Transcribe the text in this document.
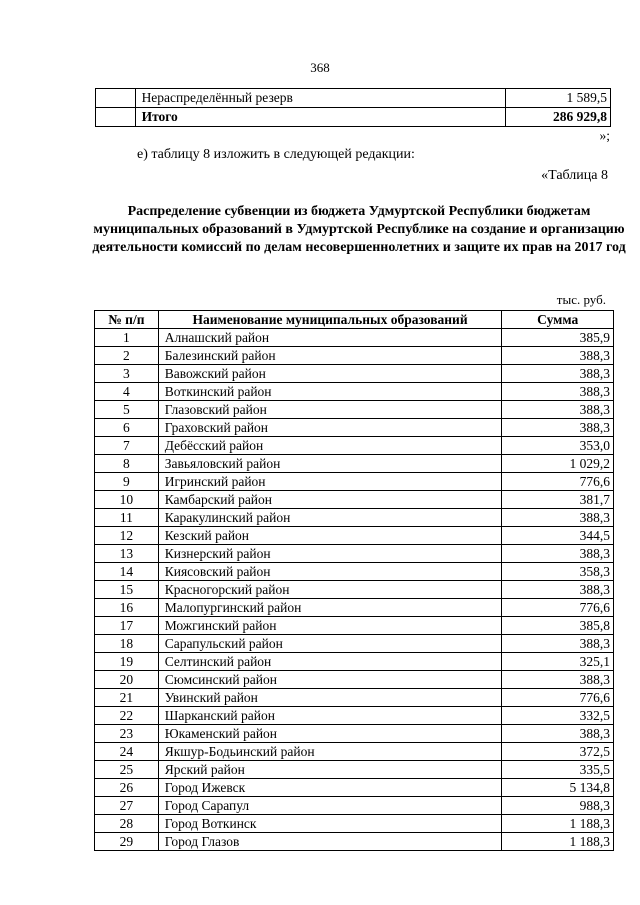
368
	Нераспределённый резерв	1 589,5
	Итого	286 929,8
»;
е) таблицу 8 изложить в следующей редакции:
«Таблица 8
Распределение субвенции из бюджета Удмуртской Республики бюджетам муниципальных образований в Удмуртской Республике на создание и организацию деятельности комиссий по делам несовершеннолетних и защите их прав на 2017 год
тыс. руб.
№ п/п	Наименование муниципальных образований	Сумма
1	Алнашский район	385,9
2	Балезинский район	388,3
3	Вавожский район	388,3
4	Воткинский район	388,3
5	Глазовский район	388,3
6	Граховский район	388,3
7	Дебёсский район	353,0
8	Завьяловский район	1 029,2
9	Игринский район	776,6
10	Камбарский район	381,7
11	Каракулинский район	388,3
12	Кезский район	344,5
13	Кизнерский район	388,3
14	Киясовский район	358,3
15	Красногорский район	388,3
16	Малопургинский район	776,6
17	Можгинский район	385,8
18	Сарапульский район	388,3
19	Селтинский район	325,1
20	Сюмсинский район	388,3
21	Увинский район	776,6
22	Шарканский район	332,5
23	Юкаменский район	388,3
24	Якшур-Бодьинский район	372,5
25	Ярский район	335,5
26	Город Ижевск	5 134,8
27	Город Сарапул	988,3
28	Город Воткинск	1 188,3
29	Город Глазов	1 188,3
